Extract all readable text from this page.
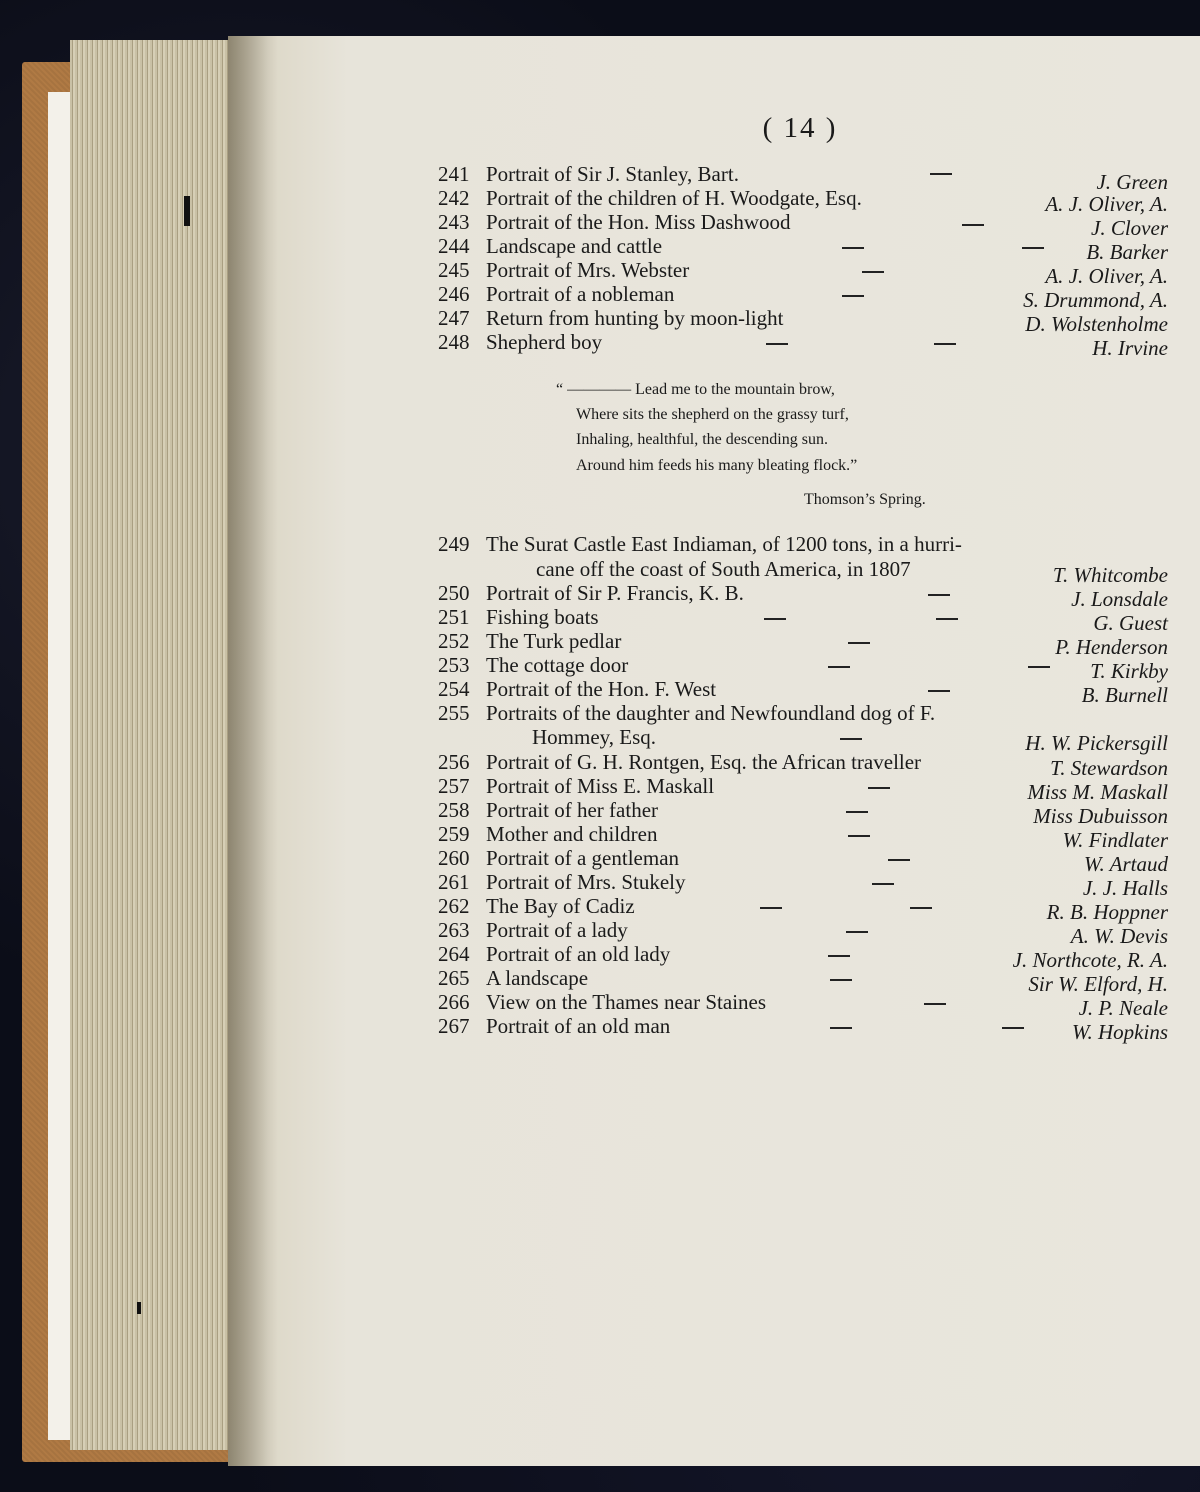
( 14 )
241 Portrait of Sir J. Stanley, Bart.	J. Green
242 Portrait of the children of H. Woodgate, Esq.	A. J. Oliver, A.
243 Portrait of the Hon. Miss Dashwood	J. Clover
244 Landscape and cattle	B. Barker
245 Portrait of Mrs. Webster	A. J. Oliver, A.
246 Portrait of a nobleman	S. Drummond, A.
247 Return from hunting by moon-light	D. Wolstenholme
248 Shepherd boy	H. Irvine
“ ———— Lead me to the mountain brow,
Where sits the shepherd on the grassy turf,
Inhaling, healthful, the descending sun.
Around him feeds his many bleating flock.”
Thomson’s Spring.
249 The Surat Castle East Indiaman, of 1200 tons, in a hurri-
cane off the coast of South America, in 1807	T. Whitcombe
250 Portrait of Sir P. Francis, K. B.	J. Lonsdale
251 Fishing boats	G. Guest
252 The Turk pedlar	P. Henderson
253 The cottage door	T. Kirkby
254 Portrait of the Hon. F. West	B. Burnell
255 Portraits of the daughter and Newfoundland dog of F.
Hommey, Esq.	H. W. Pickersgill
256 Portrait of G. H. Rontgen, Esq. the African traveller	T. Stewardson
257 Portrait of Miss E. Maskall	Miss M. Maskall
258 Portrait of her father	Miss Dubuisson
259 Mother and children	W. Findlater
260 Portrait of a gentleman	W. Artaud
261 Portrait of Mrs. Stukely	J. J. Halls
262 The Bay of Cadiz	R. B. Hoppner
263 Portrait of a lady	A. W. Devis
264 Portrait of an old lady	J. Northcote, R. A.
265 A landscape	Sir W. Elford, H.
266 View on the Thames near Staines	J. P. Neale
267 Portrait of an old man	W. Hopkins
